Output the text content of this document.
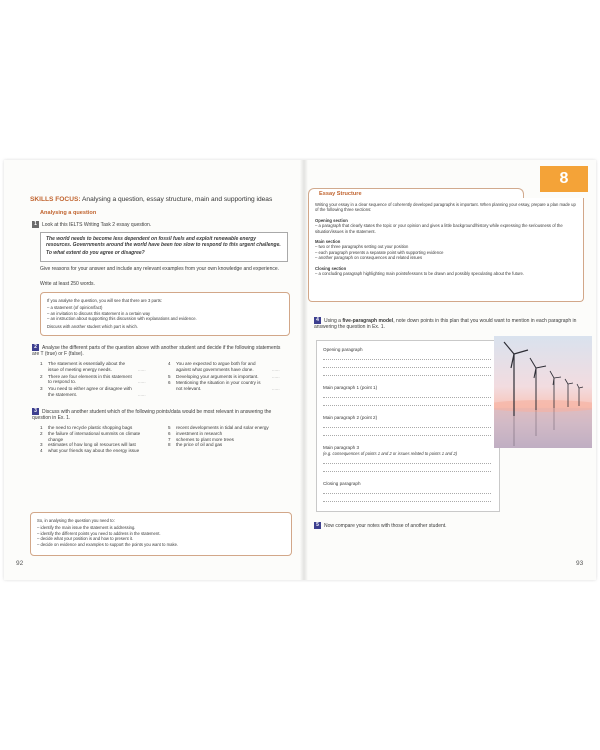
SKILLS FOCUS: Analysing a question, essay structure, main and supporting ideas
Analysing a question
1 Look at this IELTS Writing Task 2 essay question.
The world needs to become less dependent on fossil fuels and exploit renewable energy resources. Governments around the world have been too slow to respond to this urgent challenge.
To what extent do you agree or disagree?
Give reasons for your answer and include any relevant examples from your own knowledge and experience.
Write at least 250 words.
If you analyse the question, you will see that there are 3 parts:
– a statement (of opinion/fact)
– an invitation to discuss this statement in a certain way
– an instruction about supporting this discussion with explanations and evidence.
Discuss with another student which part is which.
2 Analyse the different parts of the question above with another student and decide if the following statements are T (true) or F (false).
1	The statement is essentially about the issue of meeting energy needs.	......
2	There are four elements in this statement to respond to.	......
3	You need to either agree or disagree with the statement.	......
4	You are expected to argue both for and against what governments have done.	......
5	Developing your arguments is important.	......
6	Mentioning the situation in your country is not relevant.	......
3 Discuss with another student which of the following points/data would be most relevant in answering the question in Ex. 1.
1	the need to recycle plastic shopping bags
2	the failure of international summits on climate change
3	estimates of how long oil resources will last
4	what your friends say about the energy issue
5	recent developments in tidal and solar energy
6	investment in research
7	schemes to plant more trees
8	the price of oil and gas
So, in analysing the question you need to:
– identify the main issue the statement is addressing.
– identify the different points you need to address in the statement.
– decide what your position is and how to present it.
– decide on evidence and examples to support the points you want to make.
92
8
Essay Structure
Writing your essay in a clear sequence of coherently developed paragraphs is important. When planning your essay, prepare a plan made up of the following three sections:
Opening section
– a paragraph that clearly states the topic or your opinion and gives a little background/history while expressing the seriousness of the situation/issues in the statement.
Main section
– two or three paragraphs setting out your position
– each paragraph presents a separate point with supporting evidence
– another paragraph on consequences and related issues
Closing section
– a concluding paragraph highlighting main points/lessons to be drawn and possibly speculating about the future.
4 Using a five-paragraph model, note down points in this plan that you would want to mention in each paragraph in answering the question in Ex. 1.
Opening paragraph
Main paragraph 1 (point 1)
Main paragraph 2 (point 2)
Main paragraph 3
(e.g. consequences of points 1 and 2 or issues related to points 1 and 2)
Closing paragraph
5 Now compare your notes with those of another student.
93
